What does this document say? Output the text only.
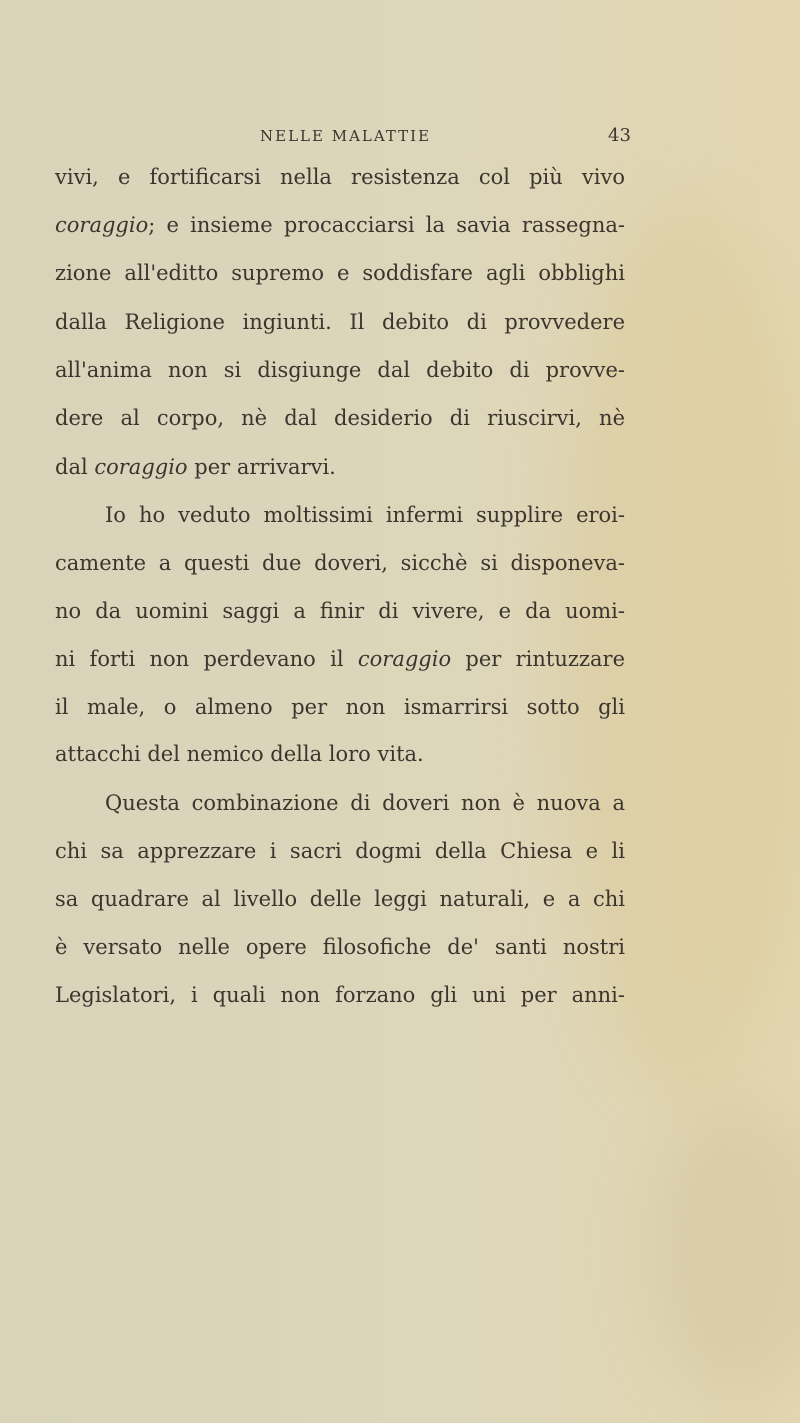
NELLE MALATTIE	43
vivi, e fortificarsi nella resistenza col più vivo
coraggio; e insieme procacciarsi la savia rassegna-
zione all'editto supremo e soddisfare agli obblighi
dalla Religione ingiunti. Il debito di provvedere
all'anima non si disgiunge dal debito di provve-
dere al corpo, nè dal desiderio di riuscirvi, nè
dal coraggio per arrivarvi.
Io ho veduto moltissimi infermi supplire eroi-
camente a questi due doveri, sicchè si disponeva-
no da uomini saggi a finir di vivere, e da uomi-
ni forti non perdevano il coraggio per rintuzzare
il male, o almeno per non ismarrirsi sotto gli
attacchi del nemico della loro vita.
Questa combinazione di doveri non è nuova a
chi sa apprezzare i sacri dogmi della Chiesa e li
sa quadrare al livello delle leggi naturali, e a chi
è versato nelle opere filosofiche de' santi nostri
Legislatori, i quali non forzano gli uni per anni-
